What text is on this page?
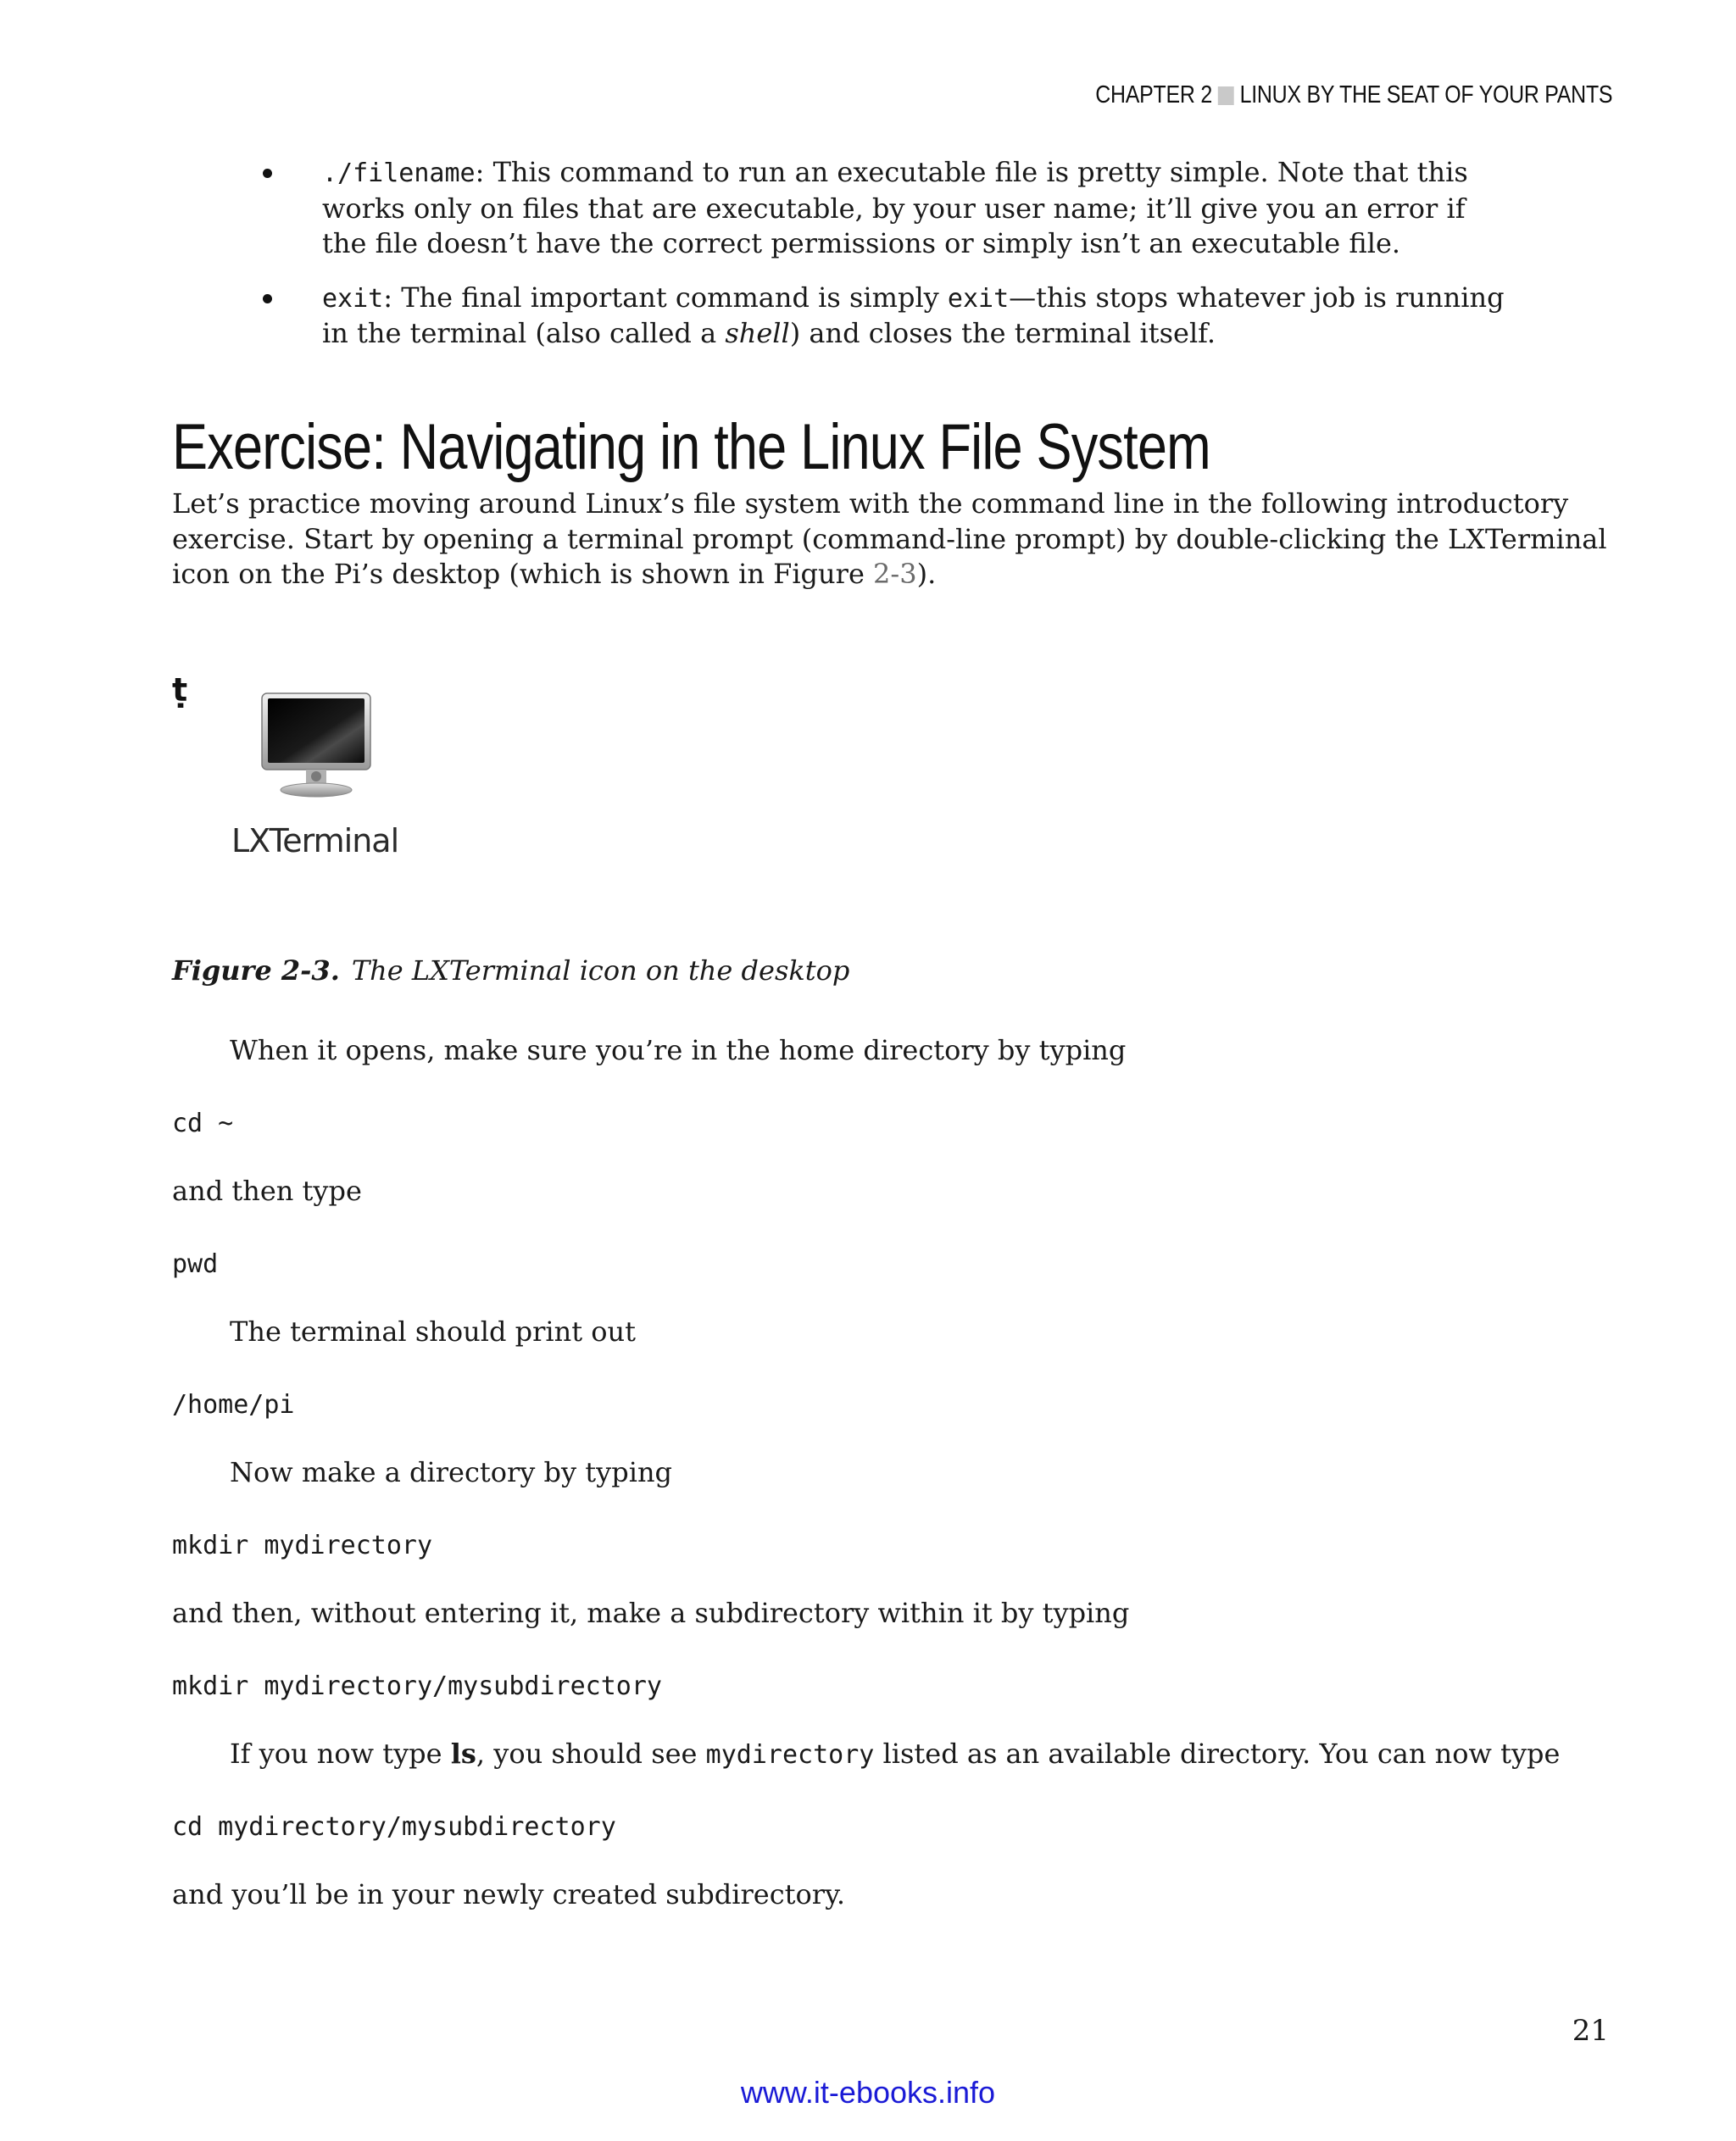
CHAPTER 2 LINUX BY THE SEAT OF YOUR PANTS
./filename: This command to run an executable file is pretty simple. Note that this works only on files that are executable, by your user name; it’ll give you an error if the file doesn’t have the correct permissions or simply isn’t an executable file.
exit: The final important command is simply exit—this stops whatever job is running in the terminal (also called a shell) and closes the terminal itself.
Exercise: Navigating in the Linux File System

Let’s practice moving around Linux’s file system with the command line in the following introductory exercise. Start by opening a terminal prompt (command-line prompt) by double-clicking the LXTerminal icon on the Pi’s desktop (which is shown in Figure 2-3).

ṭ
LXTerminal

Figure 2-3. The LXTerminal icon on the desktop

When it opens, make sure you’re in the home directory by typing

cd ~

and then type

pwd

The terminal should print out

/home/pi

Now make a directory by typing

mkdir mydirectory

and then, without entering it, make a subdirectory within it by typing

mkdir mydirectory/mysubdirectory

If you now type ls, you should see mydirectory listed as an available directory. You can now type

cd mydirectory/mysubdirectory

and you’ll be in your newly created subdirectory.

21
www.it-ebooks.info
